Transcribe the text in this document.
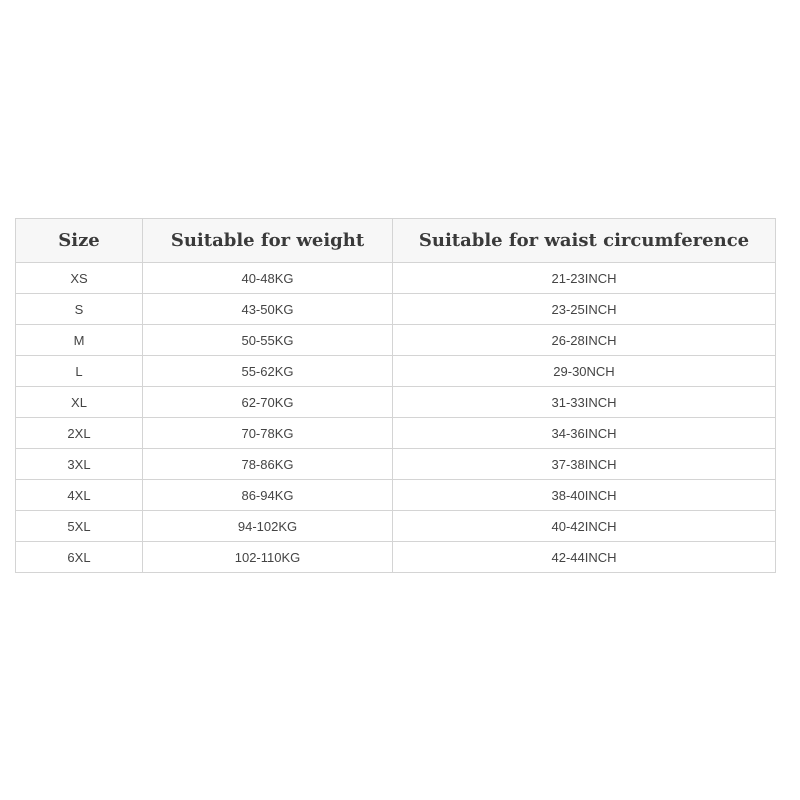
Size	Suitable for weight	Suitable for waist circumference
XS	40-48KG	21-23INCH
S	43-50KG	23-25INCH
M	50-55KG	26-28INCH
L	55-62KG	29-30NCH
XL	62-70KG	31-33INCH
2XL	70-78KG	34-36INCH
3XL	78-86KG	37-38INCH
4XL	86-94KG	38-40INCH
5XL	94-102KG	40-42INCH
6XL	102-110KG	42-44INCH
